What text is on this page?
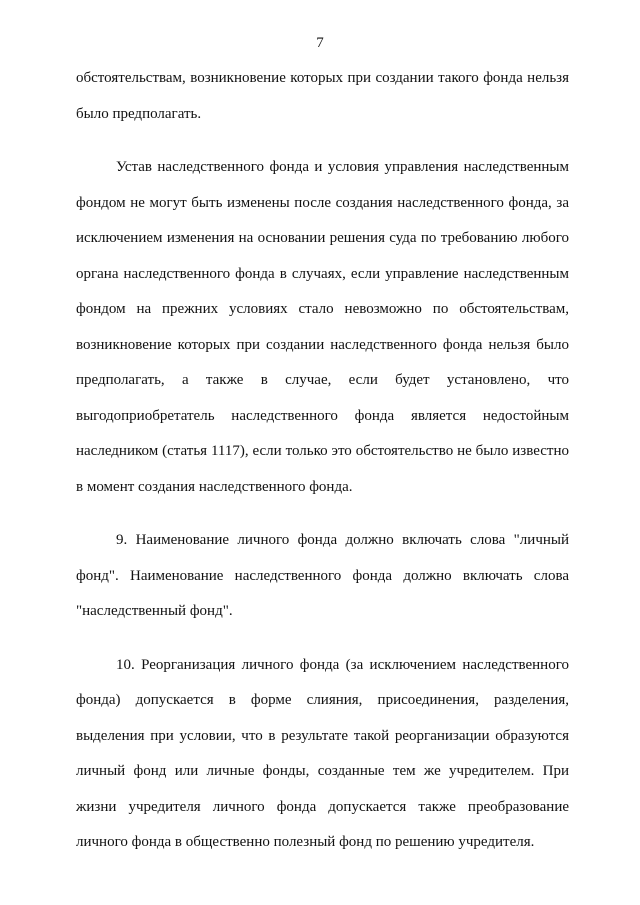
7

обстоятельствам, возникновение которых при создании такого фонда нельзя было предполагать.

Устав наследственного фонда и условия управления наследственным фондом не могут быть изменены после создания наследственного фонда, за исключением изменения на основании решения суда по требованию любого органа наследственного фонда в случаях, если управление наследственным фондом на прежних условиях стало невозможно по обстоятельствам, возникновение которых при создании наследственного фонда нельзя было предполагать, а также в случае, если будет установлено, что выгодоприобретатель наследственного фонда является недостойным наследником (статья 1117), если только это обстоятельство не было известно в момент создания наследственного фонда.

9. Наименование личного фонда должно включать слова "личный фонд". Наименование наследственного фонда должно включать слова "наследственный фонд".

10. Реорганизация личного фонда (за исключением наследственного фонда) допускается в форме слияния, присоединения, разделения, выделения при условии, что в результате такой реорганизации образуются личный фонд или личные фонды, созданные тем же учредителем. При жизни учредителя личного фонда допускается также преобразование личного фонда в общественно полезный фонд по решению учредителя.
